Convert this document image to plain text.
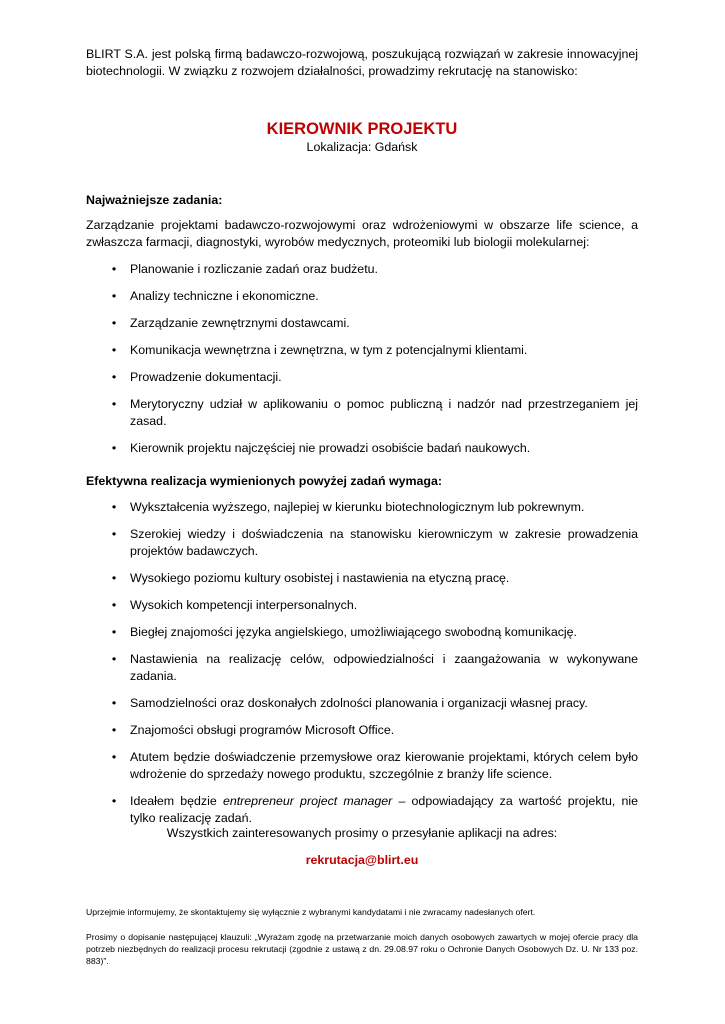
BLIRT S.A. jest polską firmą badawczo-rozwojową, poszukującą rozwiązań w zakresie innowacyjnej biotechnologii. W związku z rozwojem działalności, prowadzimy rekrutację na stanowisko:

KIEROWNIK PROJEKTU

Lokalizacja: Gdańsk

Najważniejsze zadania:

Zarządzanie projektami badawczo-rozwojowymi oraz wdrożeniowymi w obszarze life science, a zwłaszcza farmacji, diagnostyki, wyrobów medycznych, proteomiki lub biologii molekularnej:

• Planowanie i rozliczanie zadań oraz budżetu.
• Analizy techniczne i ekonomiczne.
• Zarządzanie zewnętrznymi dostawcami.
• Komunikacja wewnętrzna i zewnętrzna, w tym z potencjalnymi klientami.
• Prowadzenie dokumentacji.
• Merytoryczny udział w aplikowaniu o pomoc publiczną i nadzór nad przestrzeganiem jej zasad.
• Kierownik projektu najczęściej nie prowadzi osobiście badań naukowych.
Efektywna realizacja wymienionych powyżej zadań wymaga:
• Wykształcenia wyższego, najlepiej w kierunku biotechnologicznym lub pokrewnym.
• Szerokiej wiedzy i doświadczenia na stanowisku kierowniczym w zakresie prowadzenia projektów badawczych.
• Wysokiego poziomu kultury osobistej i nastawienia na etyczną pracę.
• Wysokich kompetencji interpersonalnych.
• Biegłej znajomości języka angielskiego, umożliwiającego swobodną komunikację.
• Nastawienia na realizację celów, odpowiedzialności i zaangażowania w wykonywane zadania.
• Samodzielności oraz doskonałych zdolności planowania i organizacji własnej pracy.
• Znajomości obsługi programów Microsoft Office.
• Atutem będzie doświadczenie przemysłowe oraz kierowanie projektami, których celem było wdrożenie do sprzedaży nowego produktu, szczególnie z branży life science.
• Ideałem będzie entrepreneur project manager – odpowiadający za wartość projektu, nie tylko realizację zadań.

Wszystkich zainteresowanych prosimy o przesyłanie aplikacji na adres:

rekrutacja@blirt.eu

Uprzejmie informujemy, że skontaktujemy się wyłącznie z wybranymi kandydatami i nie zwracamy nadesłanych ofert.

Prosimy o dopisanie następującej klauzuli: „Wyrażam zgodę na przetwarzanie moich danych osobowych zawartych w mojej ofercie pracy dla potrzeb niezbędnych do realizacji procesu rekrutacji (zgodnie z ustawą z dn. 29.08.97 roku o Ochronie Danych Osobowych Dz. U. Nr 133 poz. 883)”.
